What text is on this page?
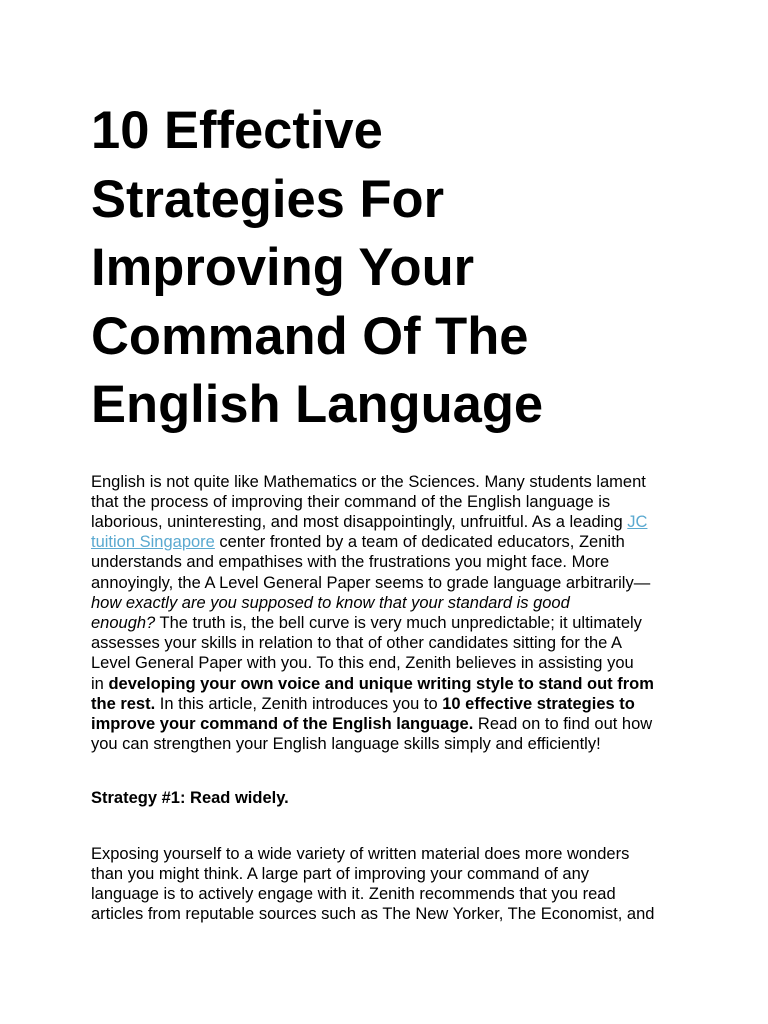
10 Effective
Strategies For
Improving Your
Command Of The
English Language

English is not quite like Mathematics or the Sciences. Many students lament
that the process of improving their command of the English language is
laborious, uninteresting, and most disappointingly, unfruitful. As a leading JC
tuition Singapore center fronted by a team of dedicated educators, Zenith
understands and empathises with the frustrations you might face. More
annoyingly, the A Level General Paper seems to grade language arbitrarily—
how exactly are you supposed to know that your standard is good
enough? The truth is, the bell curve is very much unpredictable; it ultimately
assesses your skills in relation to that of other candidates sitting for the A
Level General Paper with you. To this end, Zenith believes in assisting you
in developing your own voice and unique writing style to stand out from
the rest. In this article, Zenith introduces you to 10 effective strategies to
improve your command of the English language. Read on to find out how
you can strengthen your English language skills simply and efficiently!

Strategy #1: Read widely.

Exposing yourself to a wide variety of written material does more wonders
than you might think. A large part of improving your command of any
language is to actively engage with it. Zenith recommends that you read
articles from reputable sources such as The New Yorker, The Economist, and
